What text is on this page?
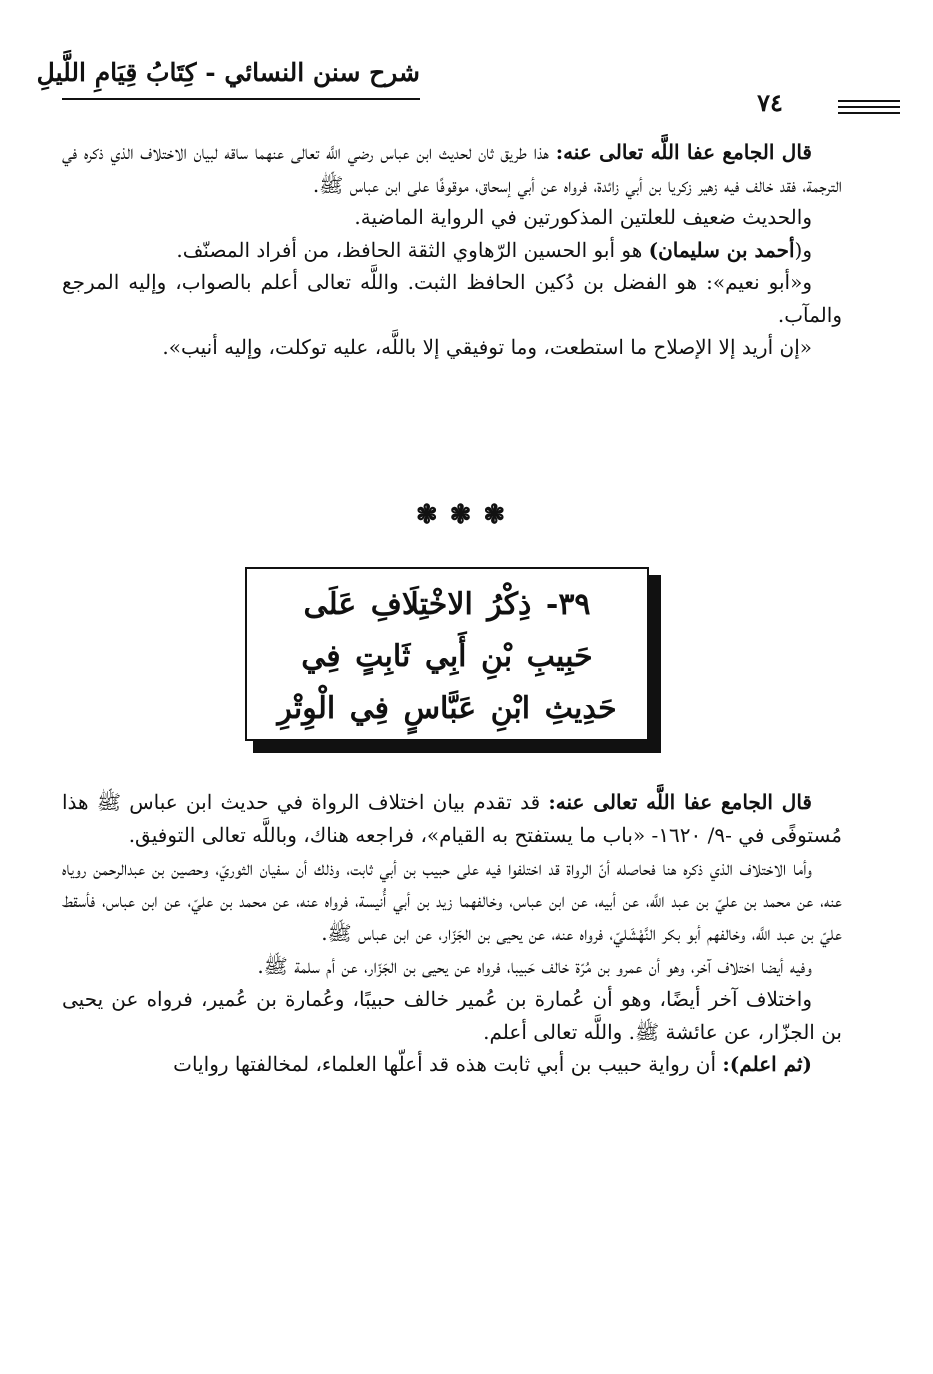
شرح سنن النسائي - كِتَابُ قِيَامِ اللَّيلِ
٧٤

قال الجامع عفا اللَّه تعالى عنه: هذا طريق ثان لحديث ابن عباس رضي اللَّه تعالى عنهما ساقه لبيان الاختلاف الذي ذكره في الترجمة، فقد خالف فيه زهير زكريا بن أبي زائدة، فرواه عن أبي إسحاق، موقوفًا على ابن عباس ﷺ.

والحديث ضعيف للعلتين المذكورتين في الرواية الماضية.

و(أحمد بن سليمان) هو أبو الحسين الرّهاوي الثقة الحافظ، من أفراد المصنّف.

و«أبو نعيم»: هو الفضل بن دُكين الحافظ الثبت. واللَّه تعالى أعلم بالصواب، وإليه المرجع والمآب.

«إن أريد إلا الإصلاح ما استطعت، وما توفيقي إلا باللَّه، عليه توكلت، وإليه أنيب».

❃❃❃
٣٩- ذِكْرُ الاخْتِلَافِ عَلَى حَبِيبِ بْنِ أَبِي ثَابِتٍ فِي حَدِيثِ ابْنِ عَبَّاسٍ فِي الْوِتْرِ

قال الجامع عفا اللَّه تعالى عنه: قد تقدم بيان اختلاف الرواة في حديث ابن عباس ﷺ هذا مُستوفًى في -٩/ ١٦٢٠- «باب ما يستفتح به القيام»، فراجعه هناك، وباللَّه تعالى التوفيق.

وأما الاختلاف الذي ذكره هنا فحاصله أنّ الرواة قد اختلفوا فيه على حبيب بن أبي ثابت، وذلك أن سفيان الثوريّ، وحصين بن عبدالرحمن روياه عنه، عن محمد بن عليّ بن عبد اللَّه، عن أبيه، عن ابن عباس، وخالفهما زيد بن أبي أُنيسة، فرواه عنه، عن محمد بن عليّ، عن ابن عباس، فأسقط عليّ بن عبد اللَّه، وخالفهم أبو بكر النَّهْشَليّ، فرواه عنه، عن يحيى بن الجَزّار، عن ابن عباس ﷺ.

وفيه أيضا اختلاف آخر، وهو أن عمرو بن مُرّة خالف حَبيبا، فرواه عن يحيى بن الجَزّار، عن أم سلمة ﷺ.

واختلاف آخر أيضًا، وهو أن عُمارة بن عُمير خالف حبيبًا، وعُمارة بن عُمير، فرواه عن يحيى بن الجزّار، عن عائشة ﷺ. واللَّه تعالى أعلم.

(ثم اعلم): أن رواية حبيب بن أبي ثابت هذه قد أعلّها العلماء، لمخالفتها روايات
